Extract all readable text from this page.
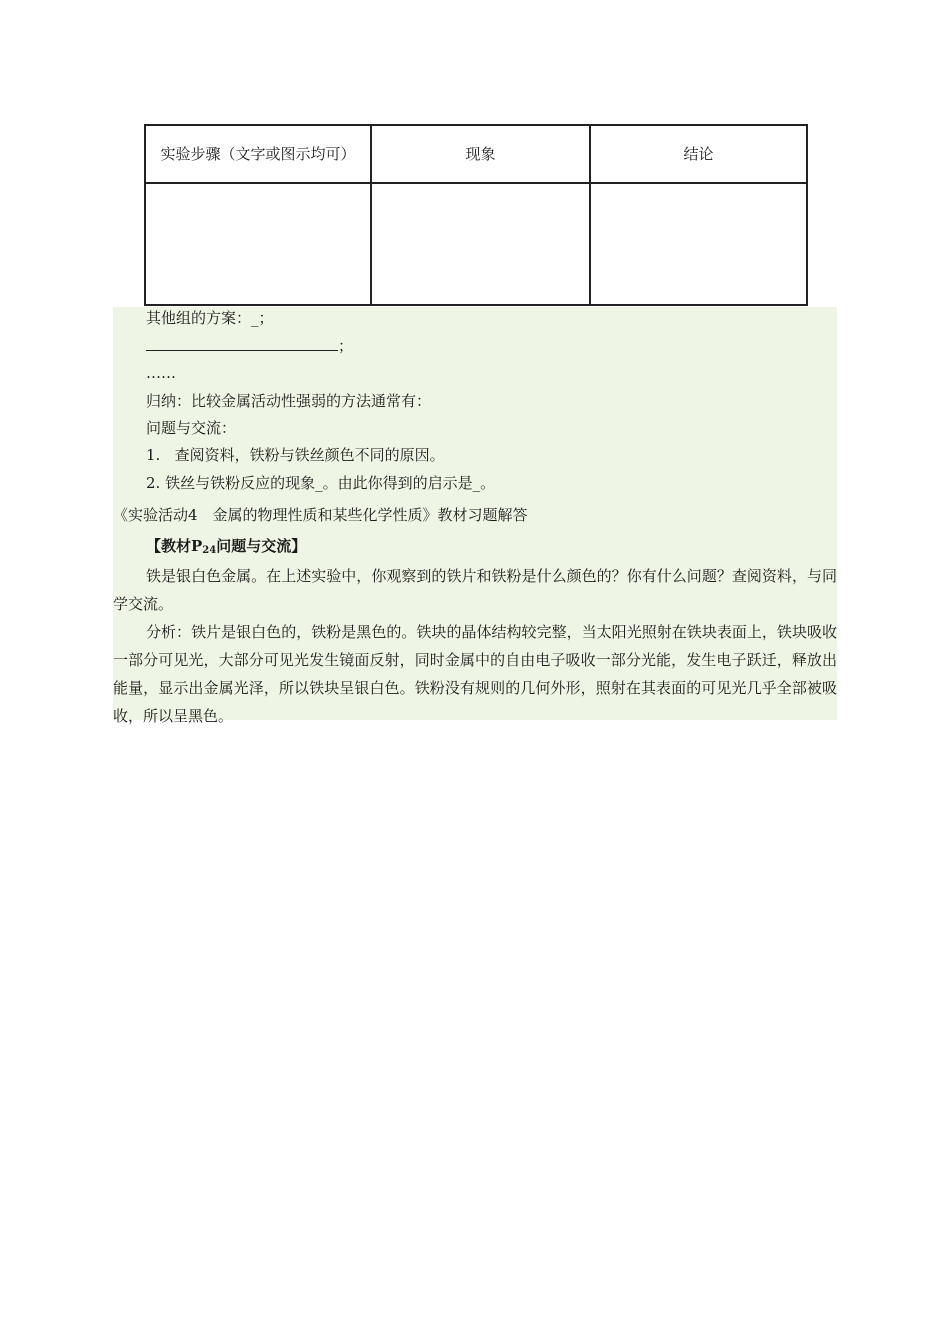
实验步骤（文字或图示均可）	现象	结论

其他组的方案：_；
；
……
归纳：比较金属活动性强弱的方法通常有：
问题与交流：
1. 查阅资料，铁粉与铁丝颜色不同的原因。
2. 铁丝与铁粉反应的现象_。由此你得到的启示是_。
《实验活动4　金属的物理性质和某些化学性质》教材习题解答
【教材$P_{24}$问题与交流】
铁是银白色金属。在上述实验中，你观察到的铁片和铁粉是什么颜色的？你有什么问题？查阅资料，与同学交流。
分析：铁片是银白色的，铁粉是黑色的。铁块的晶体结构较完整，当太阳光照射在铁块表面上，铁块吸收一部分可见光，大部分可见光发生镜面反射，同时金属中的自由电子吸收一部分光能，发生电子跃迁，释放出能量，显示出金属光泽，所以铁块呈银白色。铁粉没有规则的几何外形，照射在其表面的可见光几乎全部被吸收，所以呈黑色。
